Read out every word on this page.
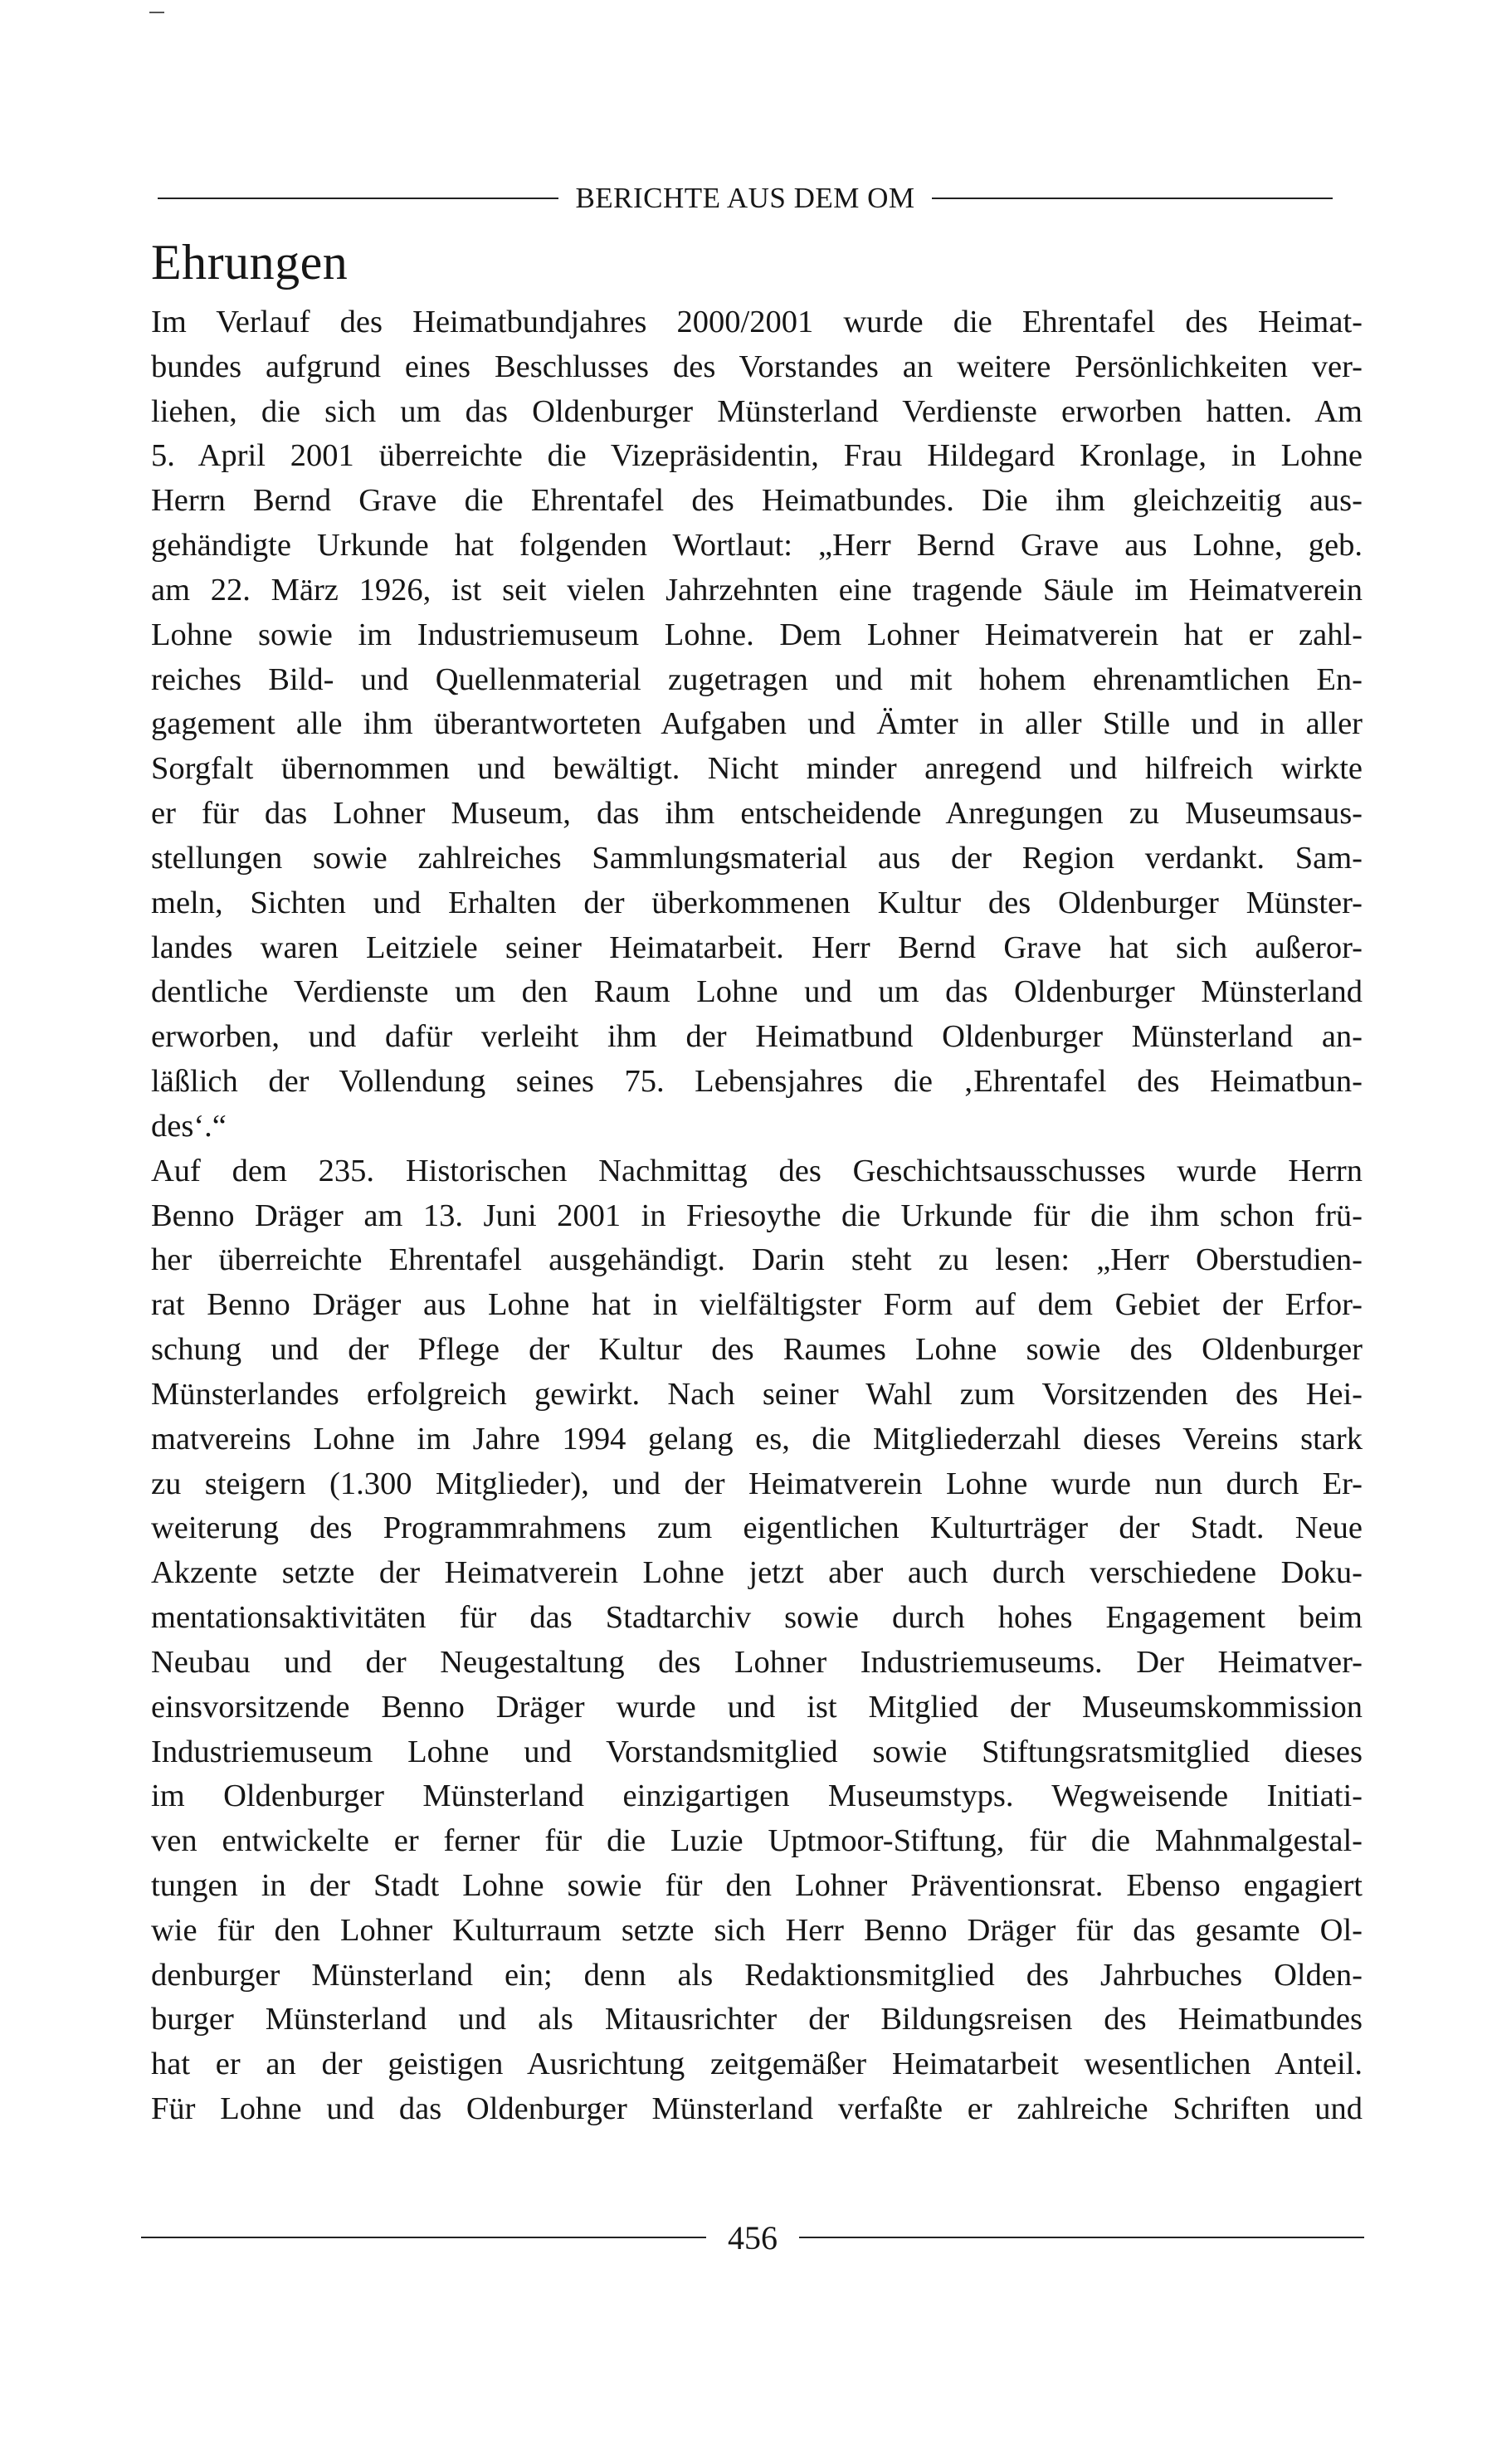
BERICHTE AUS DEM OM
Ehrungen
Im Verlauf des Heimatbundjahres 2000/2001 wurde die Ehrentafel des Heimat-
bundes aufgrund eines Beschlusses des Vorstandes an weitere Persönlichkeiten ver-
liehen, die sich um das Oldenburger Münsterland Verdienste erworben hatten. Am
5. April 2001 überreichte die Vizepräsidentin, Frau Hildegard Kronlage, in Lohne
Herrn Bernd Grave die Ehrentafel des Heimatbundes. Die ihm gleichzeitig aus-
gehändigte Urkunde hat folgenden Wortlaut: „Herr Bernd Grave aus Lohne, geb.
am 22. März 1926, ist seit vielen Jahrzehnten eine tragende Säule im Heimatverein
Lohne sowie im Industriemuseum Lohne. Dem Lohner Heimatverein hat er zahl-
reiches Bild- und Quellenmaterial zugetragen und mit hohem ehrenamtlichen En-
gagement alle ihm überantworteten Aufgaben und Ämter in aller Stille und in aller
Sorgfalt übernommen und bewältigt. Nicht minder anregend und hilfreich wirkte
er für das Lohner Museum, das ihm entscheidende Anregungen zu Museumsaus-
stellungen sowie zahlreiches Sammlungsmaterial aus der Region verdankt. Sam-
meln, Sichten und Erhalten der überkommenen Kultur des Oldenburger Münster-
landes waren Leitziele seiner Heimatarbeit. Herr Bernd Grave hat sich außeror-
dentliche Verdienste um den Raum Lohne und um das Oldenburger Münsterland
erworben, und dafür verleiht ihm der Heimatbund Oldenburger Münsterland an-
läßlich der Vollendung seines 75. Lebensjahres die ‚Ehrentafel des Heimatbun-
des‘.“
Auf dem 235. Historischen Nachmittag des Geschichtsausschusses wurde Herrn
Benno Dräger am 13. Juni 2001 in Friesoythe die Urkunde für die ihm schon frü-
her überreichte Ehrentafel ausgehändigt. Darin steht zu lesen: „Herr Oberstudien-
rat Benno Dräger aus Lohne hat in vielfältigster Form auf dem Gebiet der Erfor-
schung und der Pflege der Kultur des Raumes Lohne sowie des Oldenburger
Münsterlandes erfolgreich gewirkt. Nach seiner Wahl zum Vorsitzenden des Hei-
matvereins Lohne im Jahre 1994 gelang es, die Mitgliederzahl dieses Vereins stark
zu steigern (1.300 Mitglieder), und der Heimatverein Lohne wurde nun durch Er-
weiterung des Programmrahmens zum eigentlichen Kulturträger der Stadt. Neue
Akzente setzte der Heimatverein Lohne jetzt aber auch durch verschiedene Doku-
mentationsaktivitäten für das Stadtarchiv sowie durch hohes Engagement beim
Neubau und der Neugestaltung des Lohner Industriemuseums. Der Heimatver-
einsvorsitzende Benno Dräger wurde und ist Mitglied der Museumskommission
Industriemuseum Lohne und Vorstandsmitglied sowie Stiftungsratsmitglied dieses
im Oldenburger Münsterland einzigartigen Museumstyps. Wegweisende Initiati-
ven entwickelte er ferner für die Luzie Uptmoor-Stiftung, für die Mahnmalgestal-
tungen in der Stadt Lohne sowie für den Lohner Präventionsrat. Ebenso engagiert
wie für den Lohner Kulturraum setzte sich Herr Benno Dräger für das gesamte Ol-
denburger Münsterland ein; denn als Redaktionsmitglied des Jahrbuches Olden-
burger Münsterland und als Mitausrichter der Bildungsreisen des Heimatbundes
hat er an der geistigen Ausrichtung zeitgemäßer Heimatarbeit wesentlichen Anteil.
Für Lohne und das Oldenburger Münsterland verfaßte er zahlreiche Schriften und
456
